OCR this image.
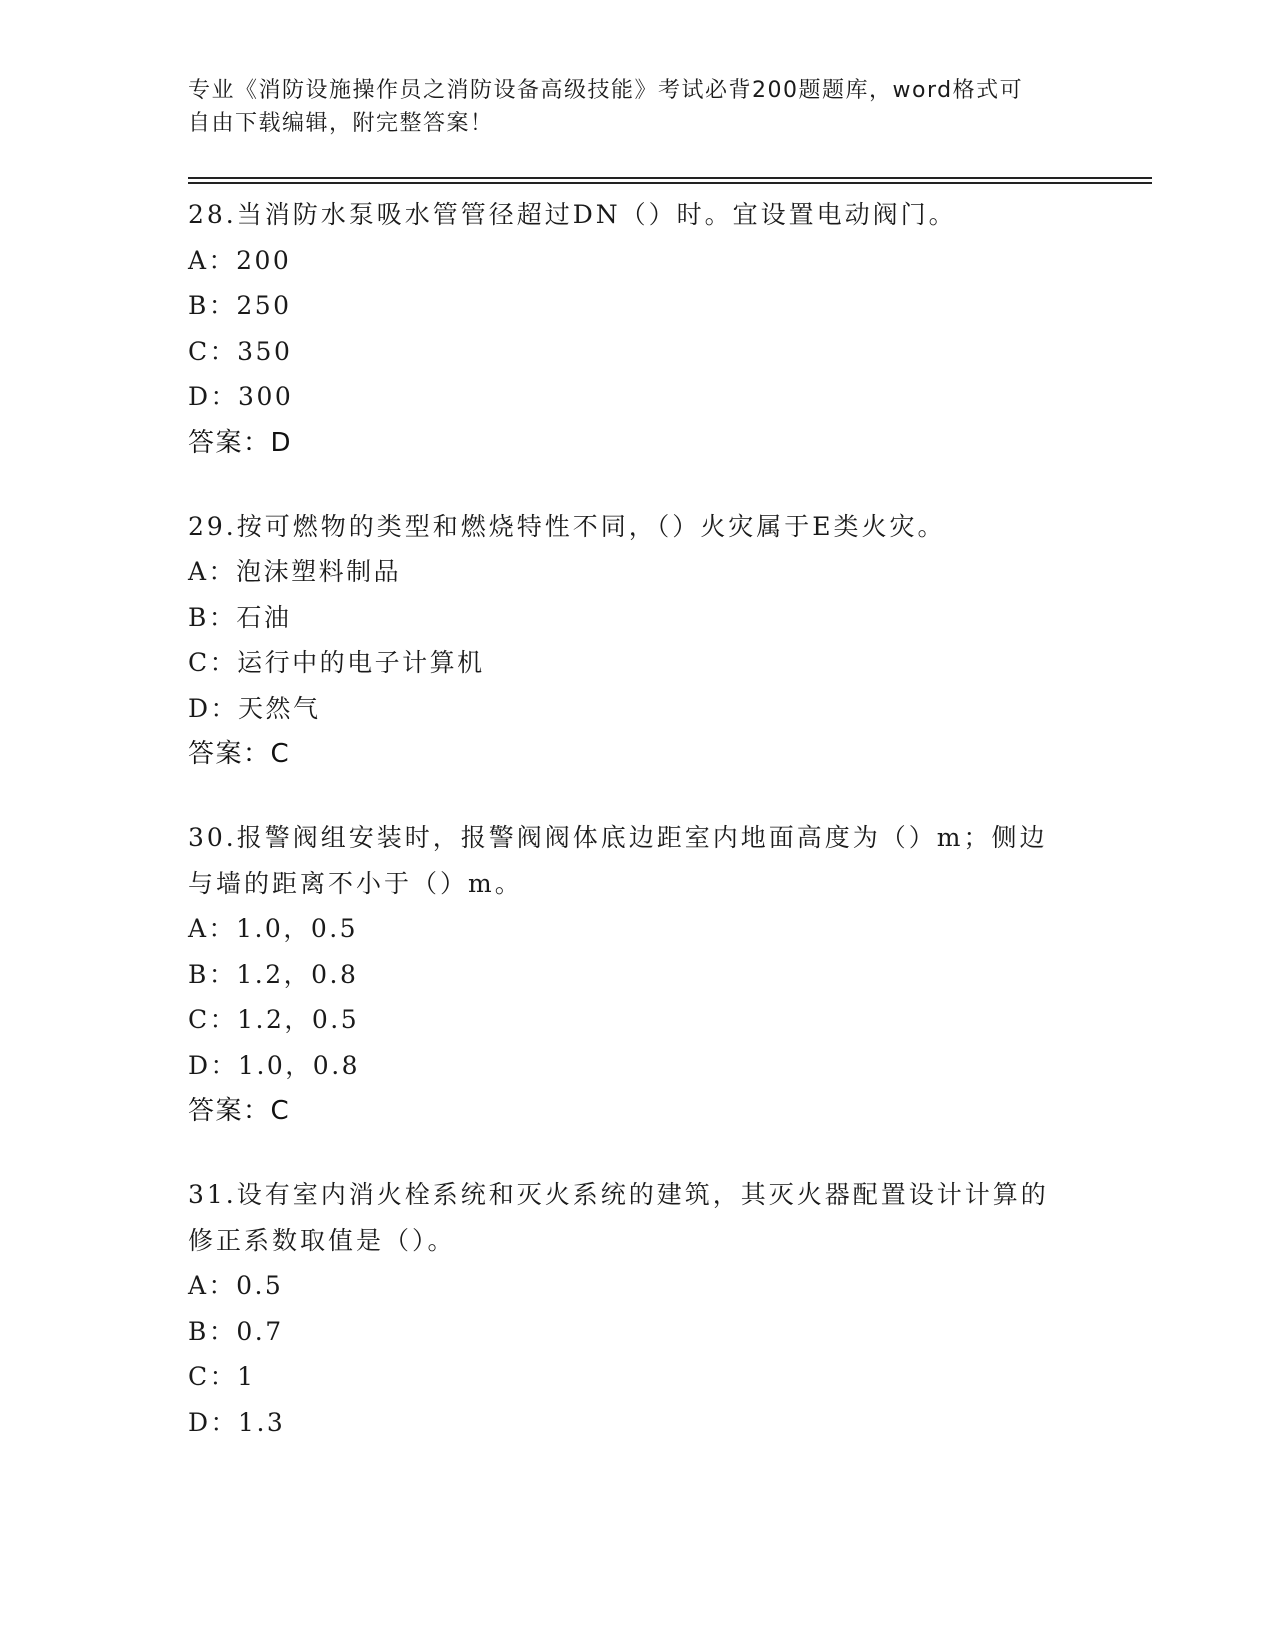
专业《消防设施操作员之消防设备高级技能》考试必背200题题库，word格式可
自由下载编辑，附完整答案！
28.当消防水泵吸水管管径超过DN（）时。宜设置电动阀门。
A：200
B：250
C：350
D：300
答案：D
29.按可燃物的类型和燃烧特性不同，（）火灾属于E类火灾。
A：泡沫塑料制品
B：石油
C：运行中的电子计算机
D：天然气
答案：C
30.报警阀组安装时，报警阀阀体底边距室内地面高度为（）m；侧边
与墙的距离不小于（）m。
A：1.0，0.5
B：1.2，0.8
C：1.2，0.5
D：1.0，0.8
答案：C
31.设有室内消火栓系统和灭火系统的建筑，其灭火器配置设计计算的
修正系数取值是（）。
A：0.5
B：0.7
C：1
D：1.3
